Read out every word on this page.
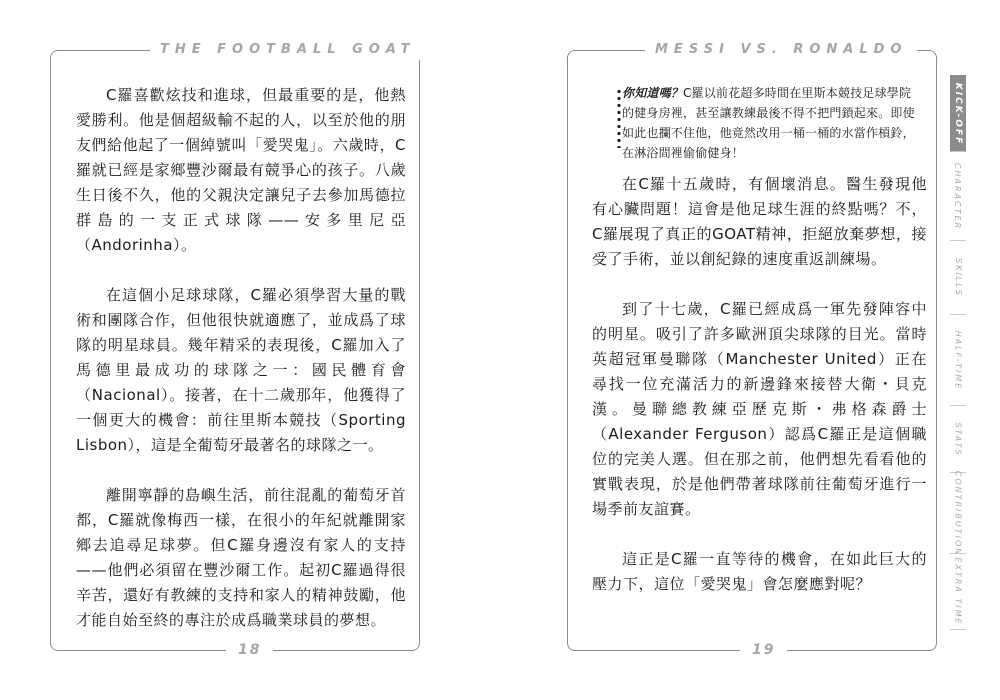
THE FOOTBALL GOAT

C羅喜歡炫技和進球，但最重要的是，他熱愛勝利。他是個超級輸不起的人，以至於他的朋友們給他起了一個綽號叫「愛哭鬼」。六歲時，C羅就已經是家鄉豐沙爾最有競爭心的孩子。八歲生日後不久，他的父親決定讓兒子去參加馬德拉群島的一支正式球隊——安多里尼亞（Andorinha）。

在這個小足球球隊，C羅必須學習大量的戰術和團隊合作，但他很快就適應了，並成爲了球隊的明星球員。幾年精采的表現後，C羅加入了馬德里最成功的球隊之一：國民體育會（Nacional）。接著，在十二歲那年，他獲得了一個更大的機會：前往里斯本競技（Sporting Lisbon），這是全葡萄牙最著名的球隊之一。

離開寧靜的島嶼生活，前往混亂的葡萄牙首都，C羅就像梅西一樣，在很小的年紀就離開家鄉去追尋足球夢。但C羅身邊沒有家人的支持——他們必須留在豐沙爾工作。起初C羅過得很辛苦，還好有教練的支持和家人的精神鼓勵，他才能自始至終的專注於成爲職業球員的夢想。

18
MESSI VS. RONALDO
你知道嗎？C羅以前花超多時間在里斯本競技足球學院的健身房裡，甚至讓教練最後不得不把門鎖起來。即使如此也攔不住他，他竟然改用一桶一桶的水當作槓鈴，在淋浴間裡偷偷健身！

在C羅十五歲時，有個壞消息。醫生發現他有心臟問題！這會是他足球生涯的終點嗎？不，C羅展現了真正的GOAT精神，拒絕放棄夢想，接受了手術，並以創紀錄的速度重返訓練場。

到了十七歲，C羅已經成爲一軍先發陣容中的明星。吸引了許多歐洲頂尖球隊的目光。當時英超冠軍曼聯隊（Manchester United）正在尋找一位充滿活力的新邊鋒來接替大衛・貝克漢。曼聯總教練亞歷克斯・弗格森爵士（Alexander Ferguson）認爲C羅正是這個職位的完美人選。但在那之前，他們想先看看他的實戰表現，於是他們帶著球隊前往葡萄牙進行一場季前友誼賽。

這正是C羅一直等待的機會，在如此巨大的壓力下，這位「愛哭鬼」會怎麼應對呢？

19
KICK-OFF
CHARACTER
SKILLS
HALF-TIME
STATS
CONTRIBUTION
EXTRA TIME
